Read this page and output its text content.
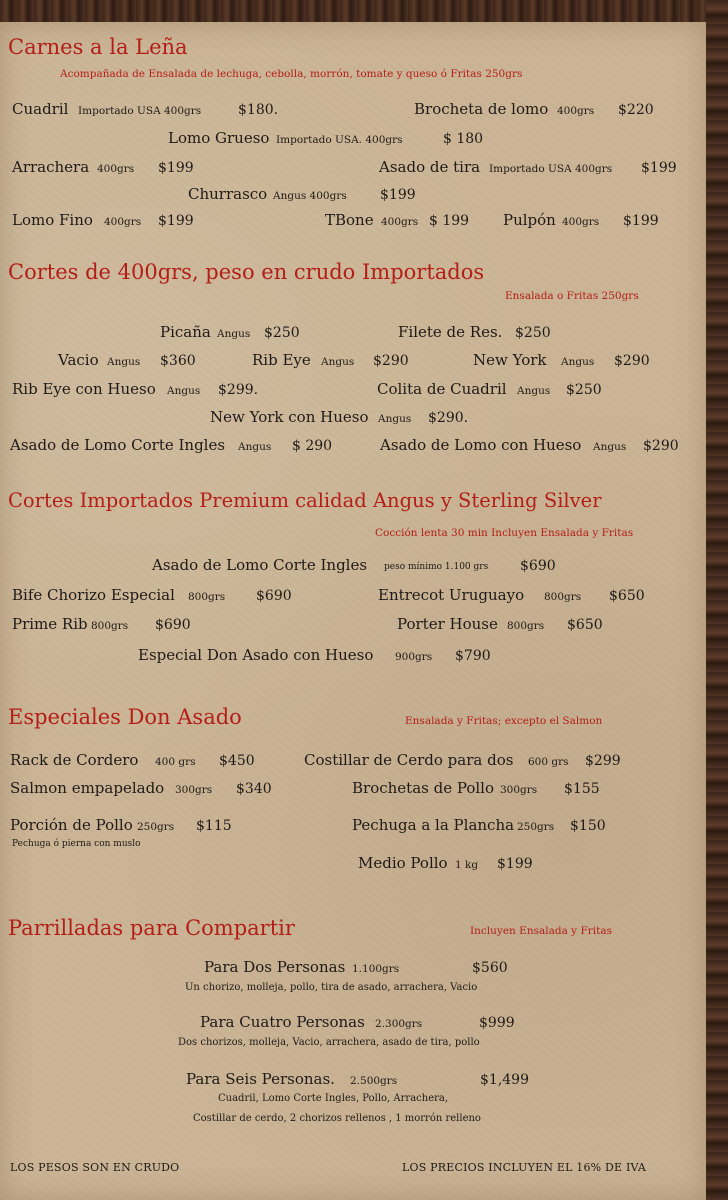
Carnes a la Leña
Acompañada de Ensalada de lechuga, cebolla, morrón, tomate y queso ó Fritas 250grs
Cuadril Importado USA 400grs	$180.	Brocheta de lomo 400grs $220
Lomo Grueso Importado USA. 400grs	$ 180
Arrachera 400grs $199	Asado de tira Importado USA 400grs $199
Churrasco Angus 400grs $199
Lomo Fino 400grs $199	TBone 400grs $ 199 Pulpón 400grs $199
Cortes de 400grs, peso en crudo Importados
Ensalada o Fritas 250grs
Picaña Angus $250	Filete de Res. $250
Vacio Angus $360	Rib Eye Angus $290	New York Angus $290
Rib Eye con Hueso Angus $299.	Colita de Cuadril Angus $250
New York con Hueso Angus $290.
Asado de Lomo Corte Ingles Angus $ 290	Asado de Lomo con Hueso Angus $290
Cortes Importados Premium calidad Angus y Sterling Silver
Cocción lenta 30 min Incluyen Ensalada y Fritas
Asado de Lomo Corte Ingles peso mínimo 1.100 grs $690
Bife Chorizo Especial 800grs $690	Entrecot Uruguayo 800grs $650
Prime Rib 800grs $690	Porter House 800grs $650
Especial Don Asado con Hueso 900grs $790
Especiales Don Asado	Ensalada y Fritas; excepto el Salmon
Rack de Cordero 400 grs $450	Costillar de Cerdo para dos 600 grs $299
Salmon empapelado 300grs $340	Brochetas de Pollo 300grs $155
Porción de Pollo 250grs $115
Pechuga ó pierna con muslo
Pechuga a la Plancha 250grs $150
Medio Pollo 1 kg $199
Parrilladas para Compartir	Incluyen Ensalada y Fritas
Para Dos Personas 1.100grs	$560
Un chorizo, molleja, pollo, tira de asado, arrachera, Vacio
Para Cuatro Personas 2.300grs	$999
Dos chorizos, molleja, Vacio, arrachera, asado de tira, pollo
Para Seis Personas. 2.500grs	$1,499
Cuadril, Lomo Corte Ingles, Pollo, Arrachera,
Costillar de cerdo, 2 chorizos rellenos , 1 morrón relleno
LOS PESOS SON EN CRUDO	LOS PRECIOS INCLUYEN EL 16% DE IVA
